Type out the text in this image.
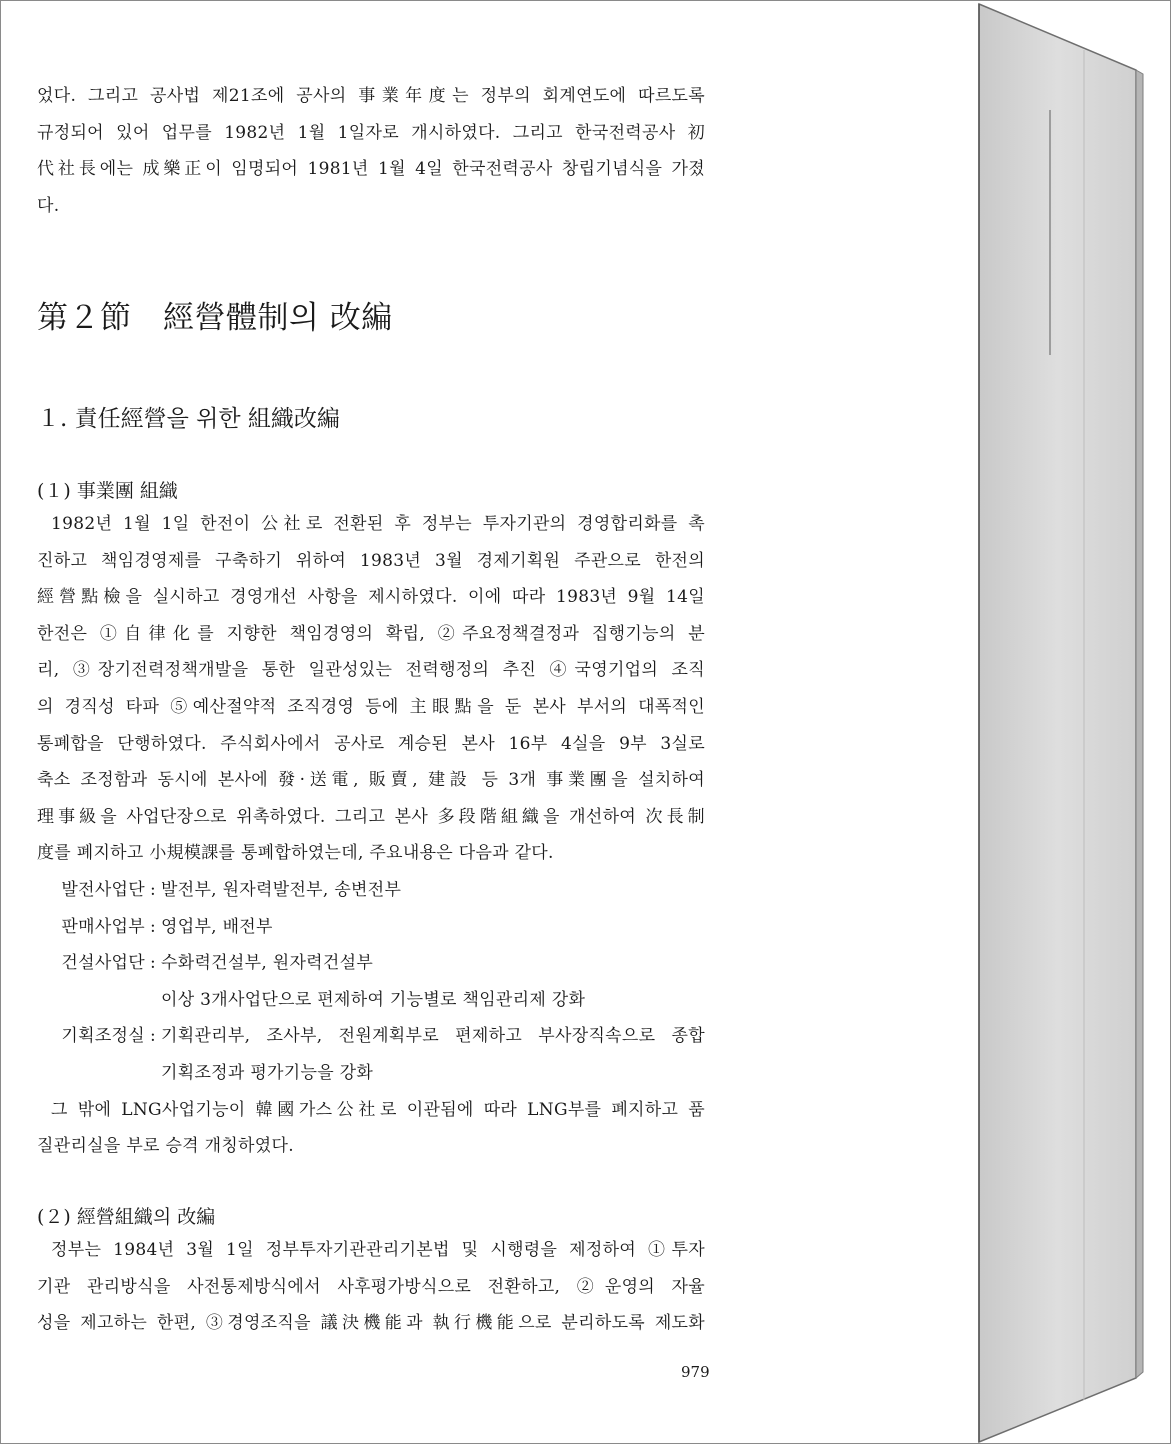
었다. 그리고 공사법 제21조에 공사의 事業年度는 정부의 회계연도에 따르도록
규정되어 있어 업무를 1982년 1월 1일자로 개시하였다. 그리고 한국전력공사 初
代社長에는 成樂正이 임명되어 1981년 1월 4일 한국전력공사 창립기념식을 가졌
다.

第２節　經營體制의 改編
１. 責任經營을 위한 組織改編
(１) 事業團 組織

1982년 1월 1일 한전이 公社로 전환된 후 정부는 투자기관의 경영합리화를 촉
진하고 책임경영제를 구축하기 위하여 1983년 3월 경제기획원 주관으로 한전의
經營點檢을 실시하고 경영개선 사항을 제시하였다. 이에 따라 1983년 9월 14일
한전은 ①自律化를 지향한 책임경영의 확립, ②주요정책결정과 집행기능의 분
리, ③장기전력정책개발을 통한 일관성있는 전력행정의 추진 ④국영기업의 조직
의 경직성 타파 ⑤예산절약적 조직경영 등에 主眼點을 둔 본사 부서의 대폭적인
통폐합을 단행하였다. 주식회사에서 공사로 계승된 본사 16부 4실을 9부 3실로
축소 조정함과 동시에 본사에 發·送電, 販賣, 建設 등 3개 事業團을 설치하여
理事級을 사업단장으로 위촉하였다. 그리고 본사 多段階組織을 개선하여 次長制
度를 폐지하고 小規模課를 통폐합하였는데, 주요내용은 다음과 같다.

발전사업단 : 발전부, 원자력발전부, 송변전부
판매사업부 : 영업부, 배전부
건설사업단 : 수화력건설부, 원자력건설부
이상 3개사업단으로 편제하여 기능별로 책임관리제 강화
기획조정실 : 기획관리부, 조사부, 전원계획부로 편제하고 부사장직속으로 종합
기획조정과 평가기능을 강화

그 밖에 LNG사업기능이 韓國가스公社로 이관됨에 따라 LNG부를 폐지하고 품
질관리실을 부로 승격 개칭하였다.

(２) 經營組織의 改編

정부는 1984년 3월 1일 정부투자기관관리기본법 및 시행령을 제정하여 ①투자
기관 관리방식을 사전통제방식에서 사후평가방식으로 전환하고, ②운영의 자율
성을 제고하는 한편, ③경영조직을 議決機能과 執行機能으로 분리하도록 제도화

979
